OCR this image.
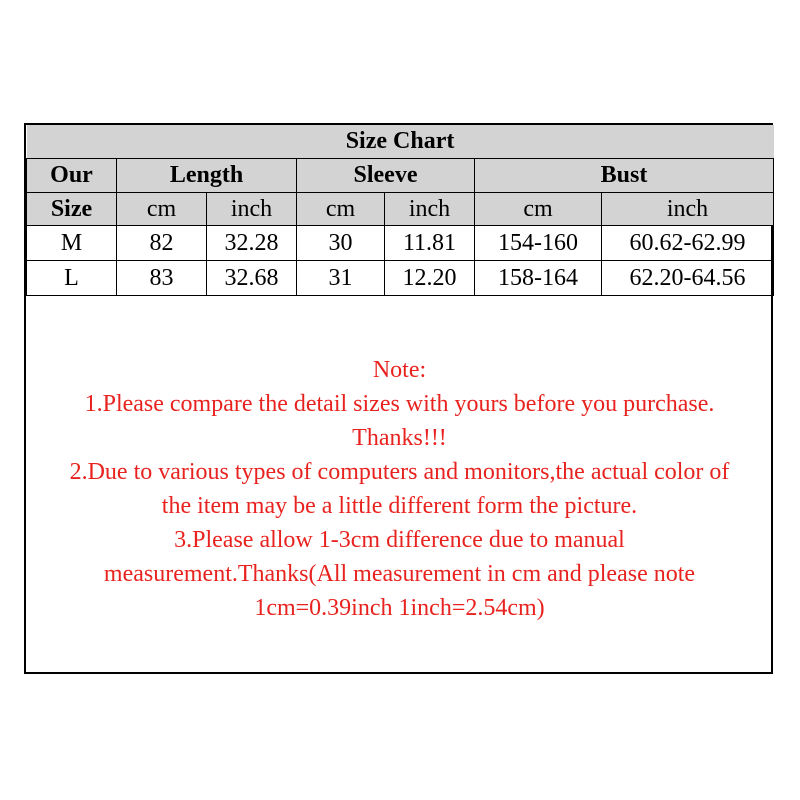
Size Chart						
Our	Length		Sleeve		Bust	
Size	cm	inch	cm	inch	cm	inch
M	82	32.28	30	11.81	154-160	60.62-62.99
L	83	32.68	31	12.20	158-164	62.20-64.56
Note:
1.Please compare the detail sizes with yours before you purchase.
Thanks!!!
2.Due to various types of computers and monitors,the actual color of
the item may be a little different form the picture.
3.Please allow 1-3cm difference due to manual
measurement.Thanks(All measurement in cm and please note
1cm=0.39inch 1inch=2.54cm)
